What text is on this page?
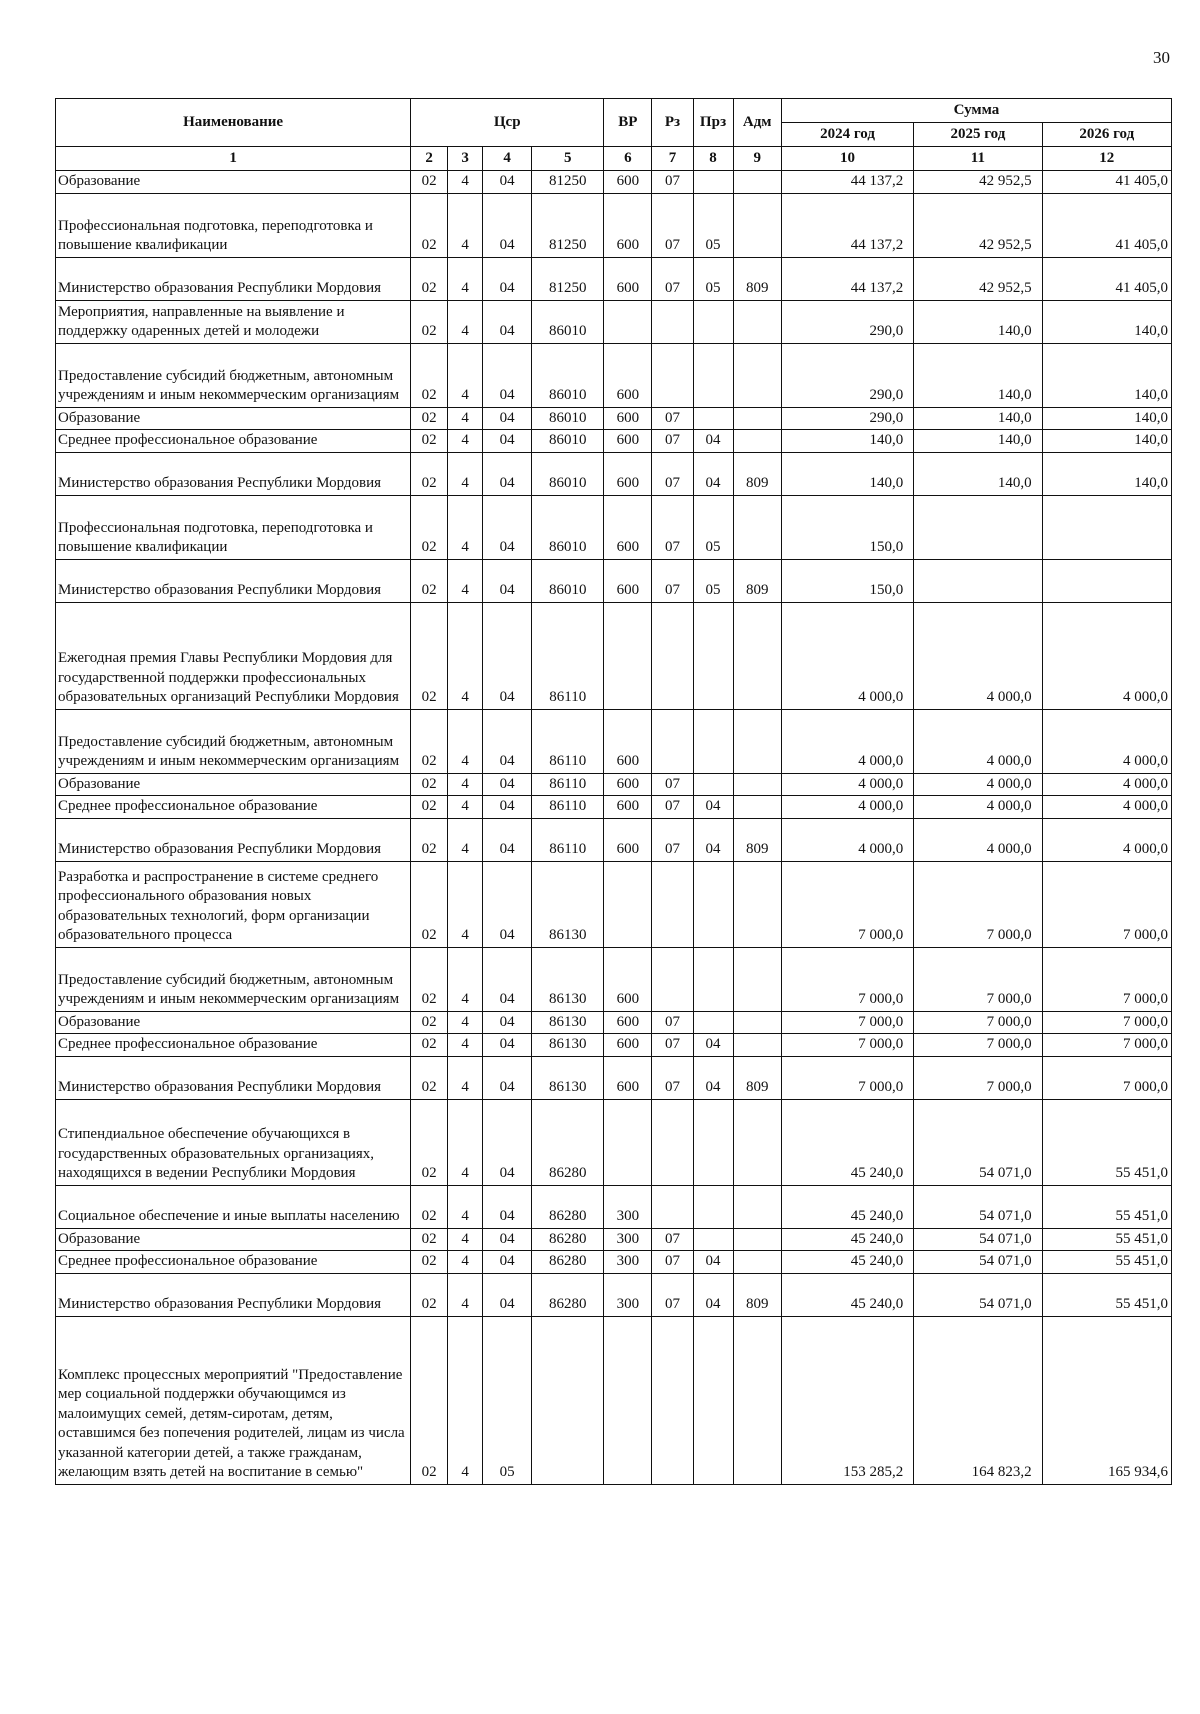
30
Наименование	Цср				ВР	Рз	Прз	Адм	Сумма		
									2024 год	2025 год	2026 год
1	2	3	4	5	6	7	8	9	10	11	12
Образование	02	4	04	81250	600	07			44 137,2	42 952,5	41 405,0
Профессиональная подготовка, переподготовка и повышение квалификации	02	4	04	81250	600	07	05		44 137,2	42 952,5	41 405,0
Министерство образования Республики Мордовия	02	4	04	81250	600	07	05	809	44 137,2	42 952,5	41 405,0
Мероприятия, направленные на выявление и поддержку одаренных детей и молодежи	02	4	04	86010					290,0	140,0	140,0
Предоставление субсидий бюджетным, автономным учреждениям и иным некоммерческим организациям	02	4	04	86010	600				290,0	140,0	140,0
Образование	02	4	04	86010	600	07			290,0	140,0	140,0
Среднее профессиональное образование	02	4	04	86010	600	07	04		140,0	140,0	140,0
Министерство образования Республики Мордовия	02	4	04	86010	600	07	04	809	140,0	140,0	140,0
Профессиональная подготовка, переподготовка и повышение квалификации	02	4	04	86010	600	07	05		150,0		
Министерство образования Республики Мордовия	02	4	04	86010	600	07	05	809	150,0		
Ежегодная премия Главы Республики Мордовия для государственной поддержки профессиональных образовательных организаций Республики Мордовия	02	4	04	86110					4 000,0	4 000,0	4 000,0
Предоставление субсидий бюджетным, автономным учреждениям и иным некоммерческим организациям	02	4	04	86110	600				4 000,0	4 000,0	4 000,0
Образование	02	4	04	86110	600	07			4 000,0	4 000,0	4 000,0
Среднее профессиональное образование	02	4	04	86110	600	07	04		4 000,0	4 000,0	4 000,0
Министерство образования Республики Мордовия	02	4	04	86110	600	07	04	809	4 000,0	4 000,0	4 000,0
Разработка и распространение в системе среднего профессионального образования новых образовательных технологий, форм организации образовательного процесса	02	4	04	86130					7 000,0	7 000,0	7 000,0
Предоставление субсидий бюджетным, автономным учреждениям и иным некоммерческим организациям	02	4	04	86130	600				7 000,0	7 000,0	7 000,0
Образование	02	4	04	86130	600	07			7 000,0	7 000,0	7 000,0
Среднее профессиональное образование	02	4	04	86130	600	07	04		7 000,0	7 000,0	7 000,0
Министерство образования Республики Мордовия	02	4	04	86130	600	07	04	809	7 000,0	7 000,0	7 000,0
Стипендиальное обеспечение обучающихся в государственных образовательных организациях, находящихся в ведении Республики Мордовия	02	4	04	86280					45 240,0	54 071,0	55 451,0
Социальное обеспечение и иные выплаты населению	02	4	04	86280	300				45 240,0	54 071,0	55 451,0
Образование	02	4	04	86280	300	07			45 240,0	54 071,0	55 451,0
Среднее профессиональное образование	02	4	04	86280	300	07	04		45 240,0	54 071,0	55 451,0
Министерство образования Республики Мордовия	02	4	04	86280	300	07	04	809	45 240,0	54 071,0	55 451,0
Комплекс процессных мероприятий "Предоставление мер социальной поддержки обучающимся из малоимущих семей, детям-сиротам, детям, оставшимся без попечения родителей, лицам из числа указанной категории детей, а также гражданам, желающим взять детей на воспитание в семью"	02	4	05						153 285,2	164 823,2	165 934,6
